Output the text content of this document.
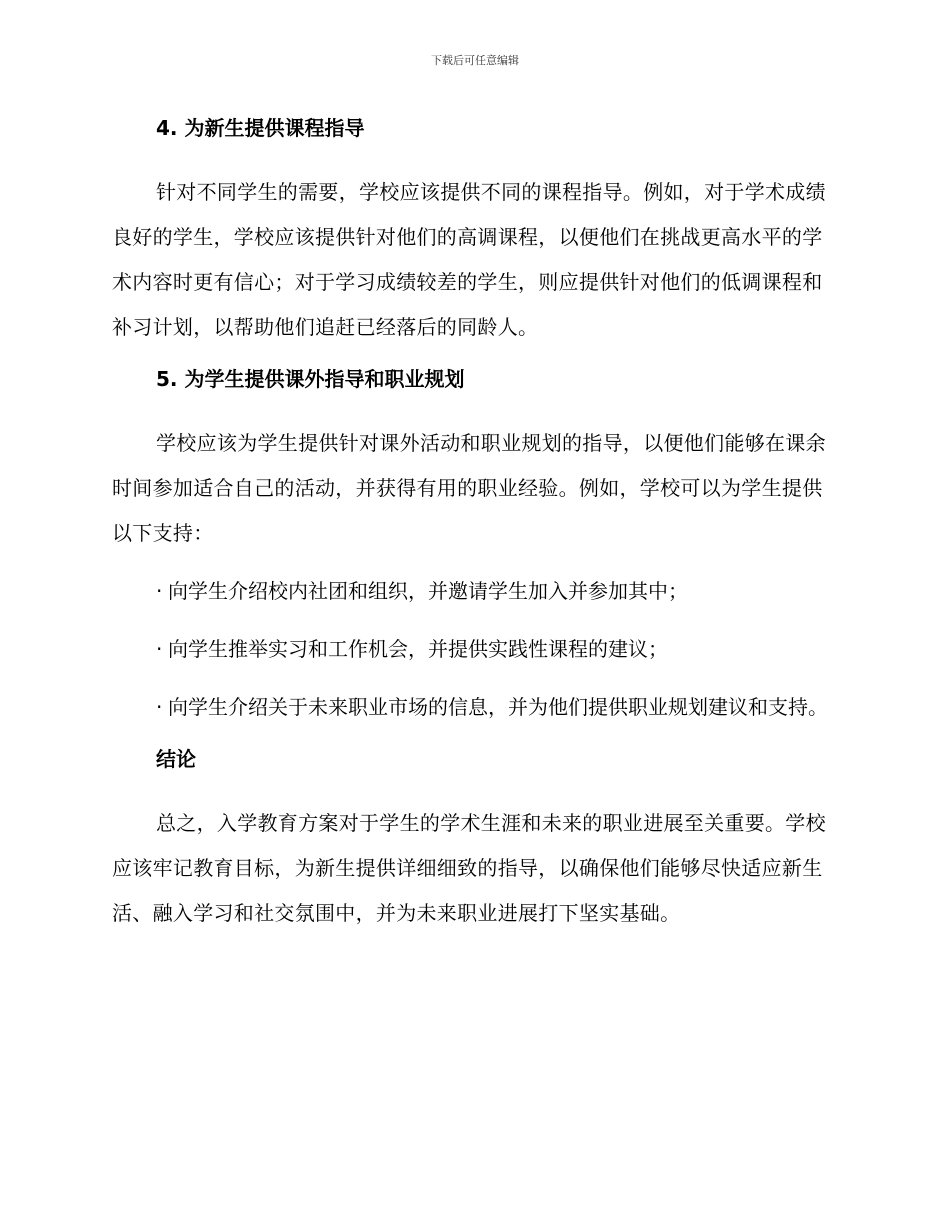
下载后可任意编辑
4. 为新生提供课程指导

针对不同学生的需要，学校应该提供不同的课程指导。例如，对于学术成绩良好的学生，学校应该提供针对他们的高调课程，以便他们在挑战更高水平的学术内容时更有信心；对于学习成绩较差的学生，则应提供针对他们的低调课程和补习计划，以帮助他们追赶已经落后的同龄人。

5. 为学生提供课外指导和职业规划

学校应该为学生提供针对课外活动和职业规划的指导，以便他们能够在课余时间参加适合自己的活动，并获得有用的职业经验。例如，学校可以为学生提供以下支持：

· 向学生介绍校内社团和组织，并邀请学生加入并参加其中；

· 向学生推举实习和工作机会，并提供实践性课程的建议；

· 向学生介绍关于未来职业市场的信息，并为他们提供职业规划建议和支持。

结论

总之，入学教育方案对于学生的学术生涯和未来的职业进展至关重要。学校应该牢记教育目标，为新生提供详细细致的指导，以确保他们能够尽快适应新生活、融入学习和社交氛围中，并为未来职业进展打下坚实基础。
